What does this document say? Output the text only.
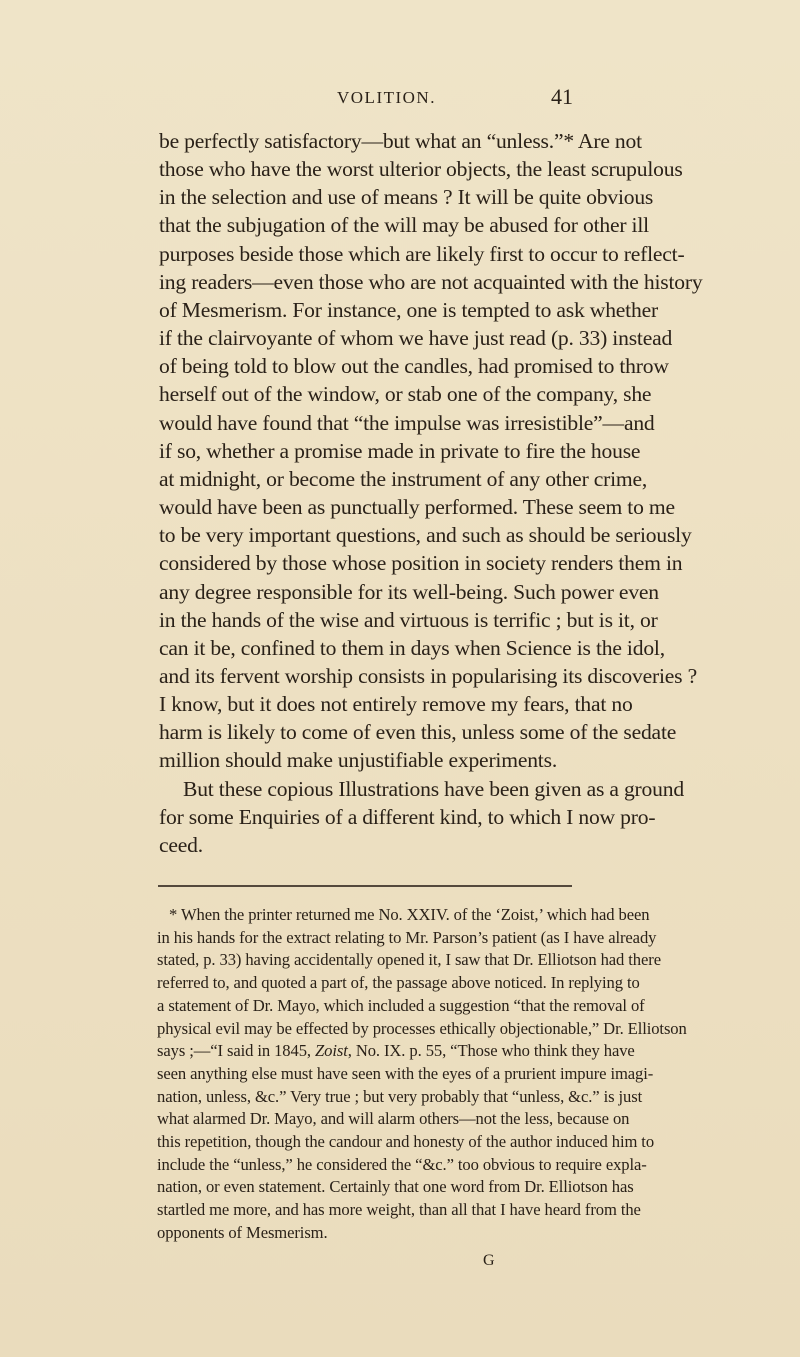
VOLITION.	41

be perfectly satisfactory—but what an “unless.”* Are not
those who have the worst ulterior objects, the least scrupulous
in the selection and use of means ? It will be quite obvious
that the subjugation of the will may be abused for other ill
purposes beside those which are likely first to occur to reflect-
ing readers—even those who are not acquainted with the history
of Mesmerism. For instance, one is tempted to ask whether
if the clairvoyante of whom we have just read (p. 33) instead
of being told to blow out the candles, had promised to throw
herself out of the window, or stab one of the company, she
would have found that “the impulse was irresistible”—and
if so, whether a promise made in private to fire the house
at midnight, or become the instrument of any other crime,
would have been as punctually performed. These seem to me
to be very important questions, and such as should be seriously
considered by those whose position in society renders them in
any degree responsible for its well-being. Such power even
in the hands of the wise and virtuous is terrific ; but is it, or
can it be, confined to them in days when Science is the idol,
and its fervent worship consists in popularising its discoveries ?
I know, but it does not entirely remove my fears, that no
harm is likely to come of even this, unless some of the sedate
million should make unjustifiable experiments.

But these copious Illustrations have been given as a ground
for some Enquiries of a different kind, to which I now pro-
ceed.

* When the printer returned me No. XXIV. of the ‘Zoist,’ which had been
in his hands for the extract relating to Mr. Parson’s patient (as I have already
stated, p. 33) having accidentally opened it, I saw that Dr. Elliotson had there
referred to, and quoted a part of, the passage above noticed. In replying to
a statement of Dr. Mayo, which included a suggestion “that the removal of
physical evil may be effected by processes ethically objectionable,” Dr. Elliotson
says ;—“I said in 1845, Zoist, No. IX. p. 55, “Those who think they have
seen anything else must have seen with the eyes of a prurient impure imagi-
nation, unless, &c.” Very true ; but very probably that “unless, &c.” is just
what alarmed Dr. Mayo, and will alarm others—not the less, because on
this repetition, though the candour and honesty of the author induced him to
include the “unless,” he considered the “&c.” too obvious to require expla-
nation, or even statement. Certainly that one word from Dr. Elliotson has
startled me more, and has more weight, than all that I have heard from the
opponents of Mesmerism.
G
